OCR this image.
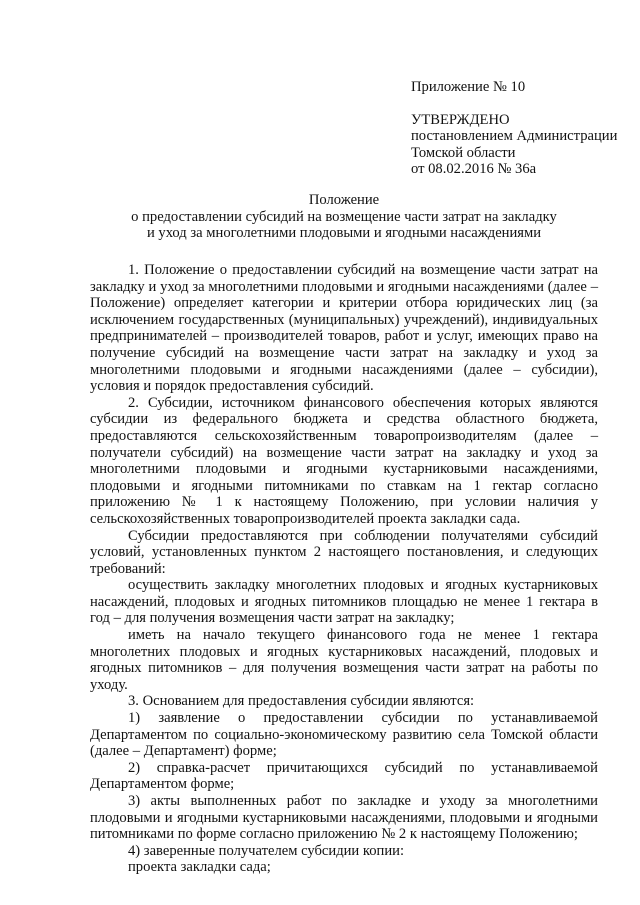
Приложение № 10
УТВЕРЖДЕНО
постановлением Администрации
Томской области
от 08.02.2016 № 36а
Положение
о предоставлении субсидий на возмещение части затрат на закладку
и уход за многолетними плодовыми и ягодными насаждениями

1. Положение о предоставлении субсидий на возмещение части затрат на закладку и уход за многолетними плодовыми и ягодными насаждениями (далее – Положение) определяет категории и критерии отбора юридических лиц (за исключением государственных (муниципальных) учреждений), индивидуальных предпринимателей – производителей товаров, работ и услуг, имеющих право на получение субсидий на возмещение части затрат на закладку и уход за многолетними плодовыми и ягодными насаждениями (далее – субсидии), условия и порядок предоставления субсидий.

2. Субсидии, источником финансового обеспечения которых являются субсидии из федерального бюджета и средства областного бюджета, предоставляются сельскохозяйственным товаропроизводителям (далее – получатели субсидий) на возмещение части затрат на закладку и уход за многолетними плодовыми и ягодными кустарниковыми насаждениями, плодовыми и ягодными питомниками по ставкам на 1 гектар согласно приложению № 1 к настоящему Положению, при условии наличия у сельскохозяйственных товаропроизводителей проекта закладки сада.

Субсидии предоставляются при соблюдении получателями субсидий условий, установленных пунктом 2 настоящего постановления, и следующих требований:

осуществить закладку многолетних плодовых и ягодных кустарниковых насаждений, плодовых и ягодных питомников площадью не менее 1 гектара в год – для получения возмещения части затрат на закладку;

иметь на начало текущего финансового года не менее 1 гектара многолетних плодовых и ягодных кустарниковых насаждений, плодовых и ягодных питомников – для получения возмещения части затрат на работы по уходу.

3. Основанием для предоставления субсидии являются:

1) заявление о предоставлении субсидии по устанавливаемой Департаментом по социально-экономическому развитию села Томской области (далее – Департамент) форме;

2) справка-расчет причитающихся субсидий по устанавливаемой Департаментом форме;

3) акты выполненных работ по закладке и уходу за многолетними плодовыми и ягодными кустарниковыми насаждениями, плодовыми и ягодными питомниками по форме согласно приложению № 2 к настоящему Положению;

4) заверенные получателем субсидии копии:

проекта закладки сада;
